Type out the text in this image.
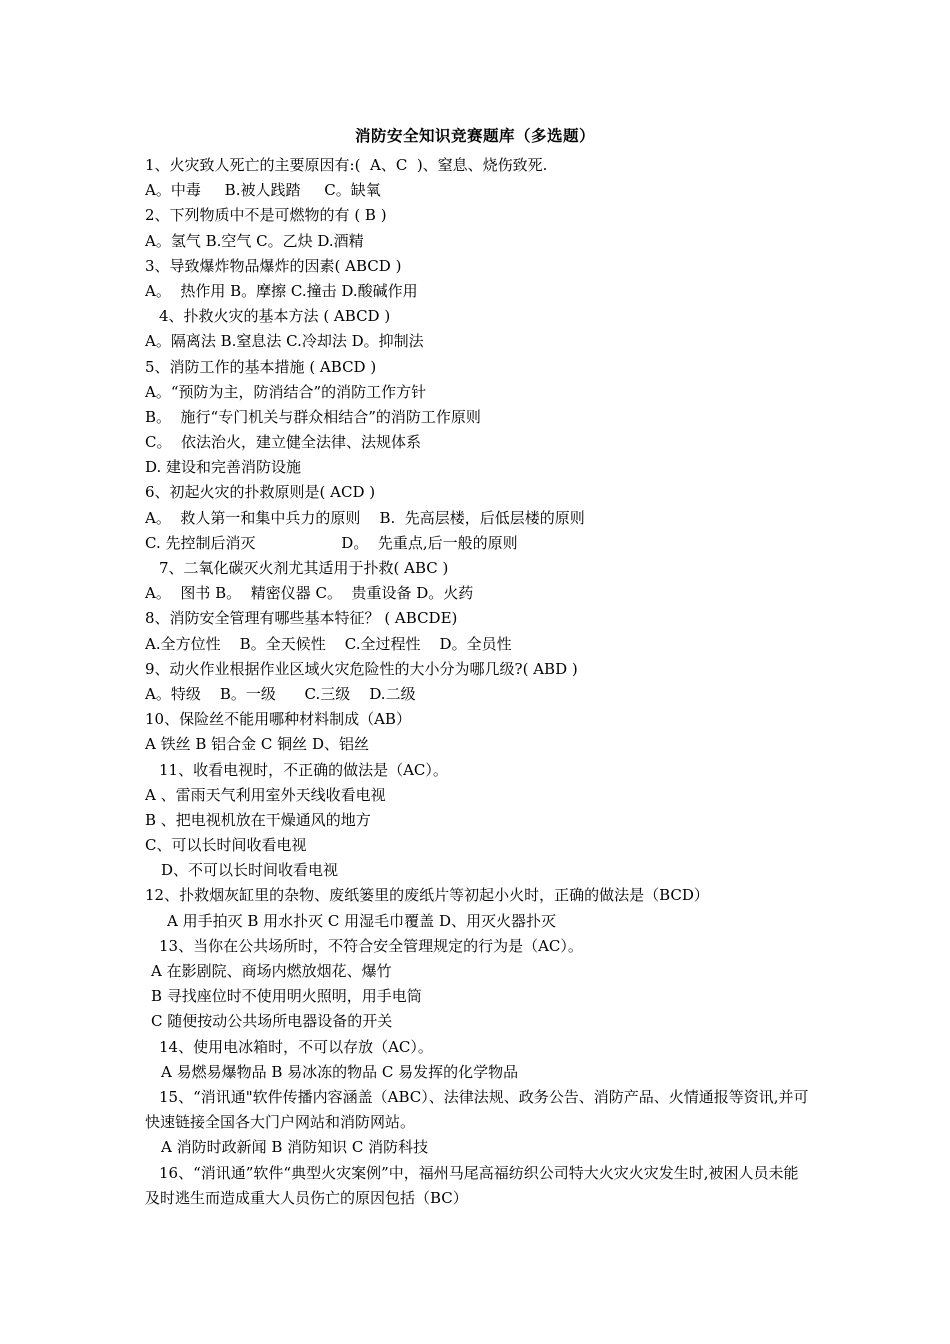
消防安全知识竞赛题库（多选题）
1、火灾致人死亡的主要原因有:(  A、C  )、窒息、烧伤致死.
A。中毒     B.被人践踏     C。缺氧
2、下列物质中不是可燃物的有 ( B )
A。氢气 B.空气 C。乙炔 D.酒精
3、导致爆炸物品爆炸的因素( ABCD )
A。  热作用 B。摩擦 C.撞击 D.酸碱作用
4、扑救火灾的基本方法 ( ABCD )
A。隔离法 B.窒息法 C.冷却法 D。抑制法
5、消防工作的基本措施 ( ABCD )
A。“预防为主，防消结合”的消防工作方针
B。  施行“专门机关与群众相结合”的消防工作原则
C。  依法治火，建立健全法律、法规体系
D. 建设和完善消防设施
6、初起火灾的扑救原则是( ACD )
A。  救人第一和集中兵力的原则    B.  先高层楼，后低层楼的原则
C. 先控制后消灭                  D。  先重点,后一般的原则
7、二氧化碳灭火剂尤其适用于扑救( ABC )
A。  图书 B。  精密仪器 C。  贵重设备 D。火药
8、消防安全管理有哪些基本特征？ ( ABCDE)
A.全方位性    B。全天候性    C.全过程性    D。全员性
9、动火作业根据作业区域火灾危险性的大小分为哪几级?( ABD )
A。特级    B。一级      C.三级    D.二级
10、保险丝不能用哪种材料制成（AB）
A 铁丝 B 铝合金 C 铜丝 D、铝丝
11、收看电视时，不正确的做法是（AC）。
A 、雷雨天气利用室外天线收看电视
B 、把电视机放在干燥通风的地方
C、可以长时间收看电视
D、不可以长时间收看电视
12、扑救烟灰缸里的杂物、废纸篓里的废纸片等初起小火时，正确的做法是（BCD）
A 用手拍灭 B 用水扑灭 C 用湿毛巾覆盖 D、用灭火器扑灭
13、当你在公共场所时，不符合安全管理规定的行为是（AC）。
A 在影剧院、商场内燃放烟花、爆竹
B 寻找座位时不使用明火照明，用手电筒
C 随便按动公共场所电器设备的开关
14、使用电冰箱时，不可以存放（AC）。
A 易燃易爆物品 B 易冰冻的物品 C 易发挥的化学物品
15、“消讯通"软件传播内容涵盖（ABC）、法律法规、政务公告、消防产品、火情通报等资讯,并可快速链接全国各大门户网站和消防网站。
A 消防时政新闻 B 消防知识 C 消防科技
16、“消讯通”软件“典型火灾案例”中，福州马尾高福纺织公司特大火灾火灾发生时,被困人员未能及时逃生而造成重大人员伤亡的原因包括（BC）
